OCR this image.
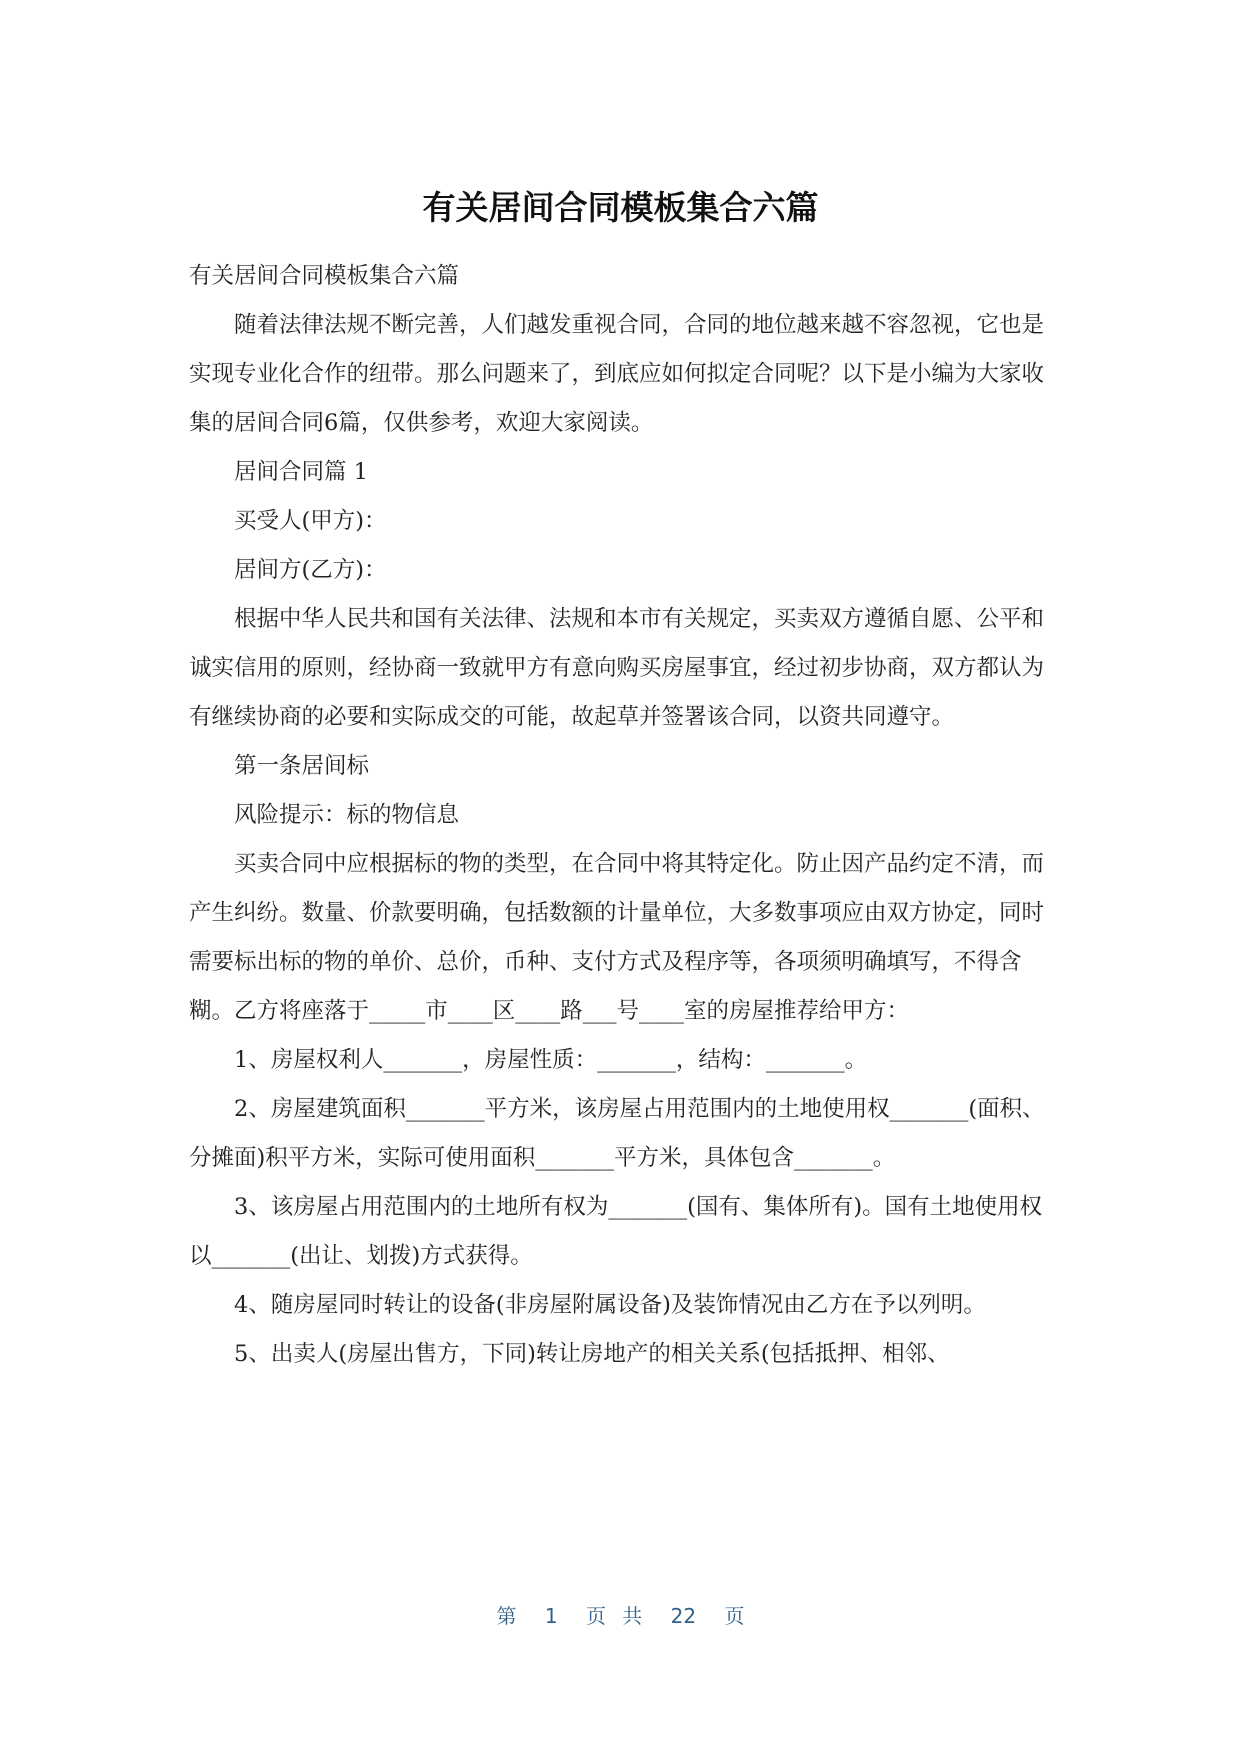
有关居间合同模板集合六篇

有关居间合同模板集合六篇

随着法律法规不断完善，人们越发重视合同，合同的地位越来越不容忽视，它也是实现专业化合作的纽带。那么问题来了，到底应如何拟定合同呢？以下是小编为大家收集的居间合同6篇，仅供参考，欢迎大家阅读。

居间合同篇 1

买受人(甲方)：

居间方(乙方)：

根据中华人民共和国有关法律、法规和本市有关规定，买卖双方遵循自愿、公平和诚实信用的原则，经协商一致就甲方有意向购买房屋事宜，经过初步协商，双方都认为有继续协商的必要和实际成交的可能，故起草并签署该合同，以资共同遵守。

第一条居间标

风险提示：标的物信息

买卖合同中应根据标的物的类型，在合同中将其特定化。防止因产品约定不清，而产生纠纷。数量、价款要明确，包括数额的计量单位，大多数事项应由双方协定，同时需要标出标的物的单价、总价，币种、支付方式及程序等，各项须明确填写，不得含糊。乙方将座落于_____市____区____路___号____室的房屋推荐给甲方：

1、房屋权利人_______，房屋性质：_______，结构：_______。

2、房屋建筑面积_______平方米，该房屋占用范围内的土地使用权_______(面积、分摊面)积平方米，实际可使用面积_______平方米，具体包含_______。

3、该房屋占用范围内的土地所有权为_______(国有、集体所有)。国有土地使用权以_______(出让、划拨)方式获得。

4、随房屋同时转让的设备(非房屋附属设备)及装饰情况由乙方在予以列明。

5、出卖人(房屋出售方，下同)转让房地产的相关关系(包括抵押、相邻、

第 1 页 共 22 页
